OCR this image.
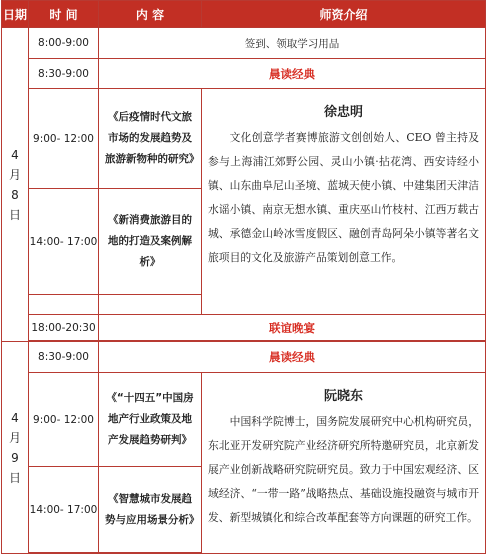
日期	时 间	内 容	师资介绍

4
月
8
日	8:00-9:00	签到、领取学习用品	
	8:30-9:00	晨读经典	
	9:00- 12:00	《后疫情时代文旅市场的发展趋势及旅游新物种的研究》	徐忠明
文化创意学者赛博旅游文创创始人、CEO 曾主持及参与上海浦江郊野公园、灵山小镇·拈花湾、西安诗经小镇、山东曲阜尼山圣境、蓝城天使小镇、中建集团天津洁水谣小镇、南京无想水镇、重庆巫山竹枝村、江西万载古城、承德金山岭冰雪度假区、融创青岛阿朵小镇等著名文旅项目的文化及旅游产品策划创意工作。

	14:00- 17:00	《新消费旅游目的地的打造及案例解析》	

	18:00-20:30	联谊晚宴	

4
月
9
日	8:30-9:00	晨读经典	
	9:00- 12:00	《“十四五”中国房地产行业政策及地产发展趋势研判》	阮晓东
中国科学院博士，国务院发展研究中心机构研究员，东北亚开发研究院产业经济研究所特邀研究员，北京新发展产业创新战略研究院研究员。致力于中国宏观经济、区域经济、“一带一路”战略热点、基础设施投融资与城市开发、新型城镇化和综合改革配套等方向课题的研究工作。

	14:00- 17:00	《智慧城市发展趋势与应用场景分析》	
